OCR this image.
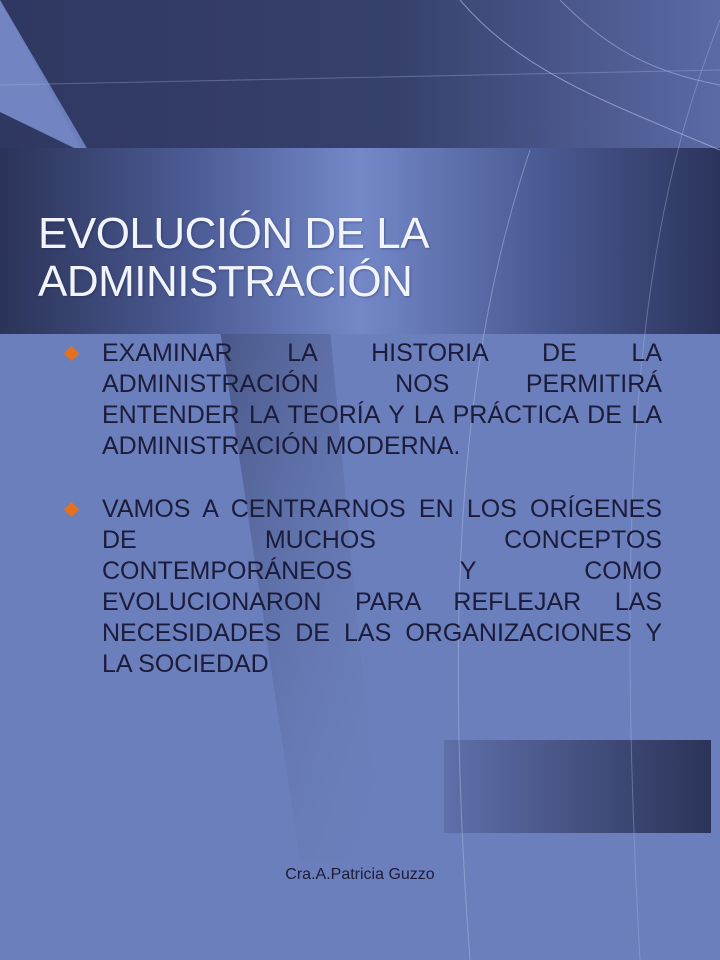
EVOLUCIÓN DE LA
ADMINISTRACIÓN
EXAMINAR LA HISTORIA DE LA ADMINISTRACIÓN NOS PERMITIRÁ ENTENDER LA TEORÍA Y LA PRÁCTICA DE LA ADMINISTRACIÓN MODERNA.
VAMOS A CENTRARNOS EN LOS ORÍGENES DE MUCHOS CONCEPTOS CONTEMPORÁNEOS Y COMO EVOLUCIONARON PARA REFLEJAR LAS NECESIDADES DE LAS ORGANIZACIONES Y LA SOCIEDAD
Cra.A.Patricia Guzzo
